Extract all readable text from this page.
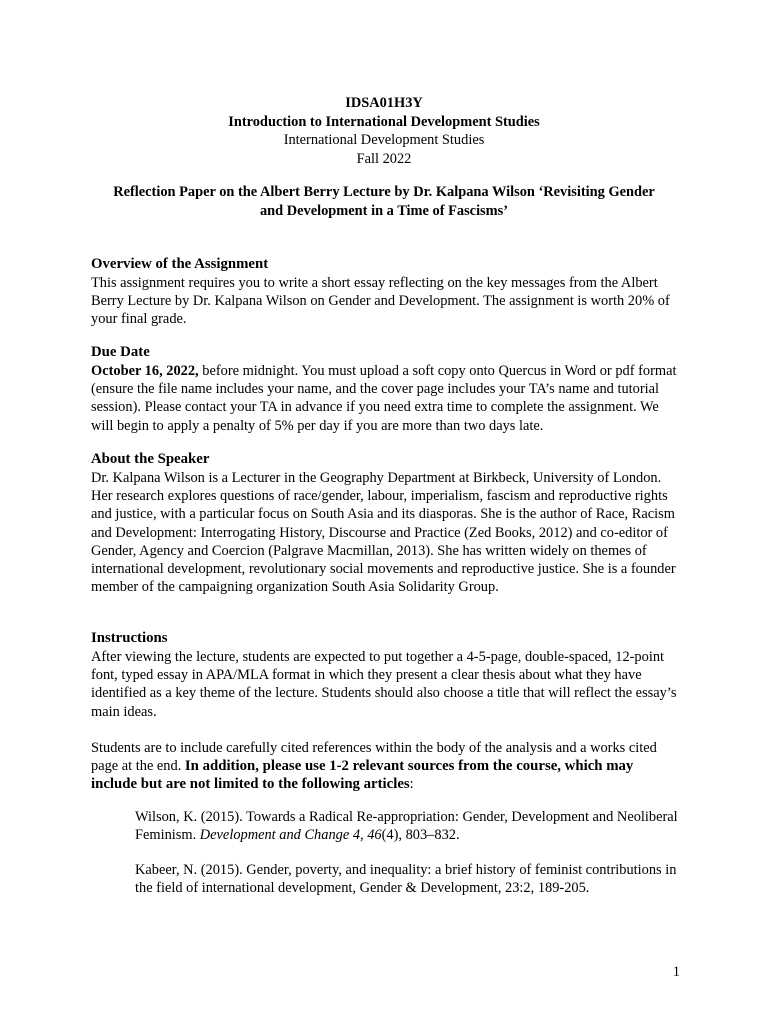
IDSA01H3Y
Introduction to International Development Studies
International Development Studies
Fall 2022
Reflection Paper on the Albert Berry Lecture by Dr. Kalpana Wilson ‘Revisiting Gender
and Development in a Time of Fascisms’
Overview of the Assignment

This assignment requires you to write a short essay reflecting on the key messages from the Albert Berry Lecture by Dr. Kalpana Wilson on Gender and Development. The assignment is worth 20% of your final grade.

Due Date

October 16, 2022, before midnight. You must upload a soft copy onto Quercus in Word or pdf format (ensure the file name includes your name, and the cover page includes your TA’s name and tutorial session). Please contact your TA in advance if you need extra time to complete the assignment. We will begin to apply a penalty of 5% per day if you are more than two days late.

About the Speaker

Dr. Kalpana Wilson is a Lecturer in the Geography Department at Birkbeck, University of London. Her research explores questions of race/gender, labour, imperialism, fascism and reproductive rights and justice, with a particular focus on South Asia and its diasporas. She is the author of Race, Racism and Development: Interrogating History, Discourse and Practice (Zed Books, 2012) and co-editor of Gender, Agency and Coercion (Palgrave Macmillan, 2013). She has written widely on themes of international development, revolutionary social movements and reproductive justice. She is a founder member of the campaigning organization South Asia Solidarity Group.

Instructions

After viewing the lecture, students are expected to put together a 4-5-page, double-spaced, 12-point font, typed essay in APA/MLA format in which they present a clear thesis about what they have identified as a key theme of the lecture. Students should also choose a title that will reflect the essay’s main ideas.

Students are to include carefully cited references within the body of the analysis and a works cited page at the end. In addition, please use 1-2 relevant sources from the course, which may include but are not limited to the following articles:

Wilson, K. (2015). Towards a Radical Re-appropriation: Gender, Development and Neoliberal Feminism. Development and Change 4, 46(4), 803–832.
Kabeer, N. (2015). Gender, poverty, and inequality: a brief history of feminist contributions in the field of international development, Gender & Development, 23:2, 189-205.
1
